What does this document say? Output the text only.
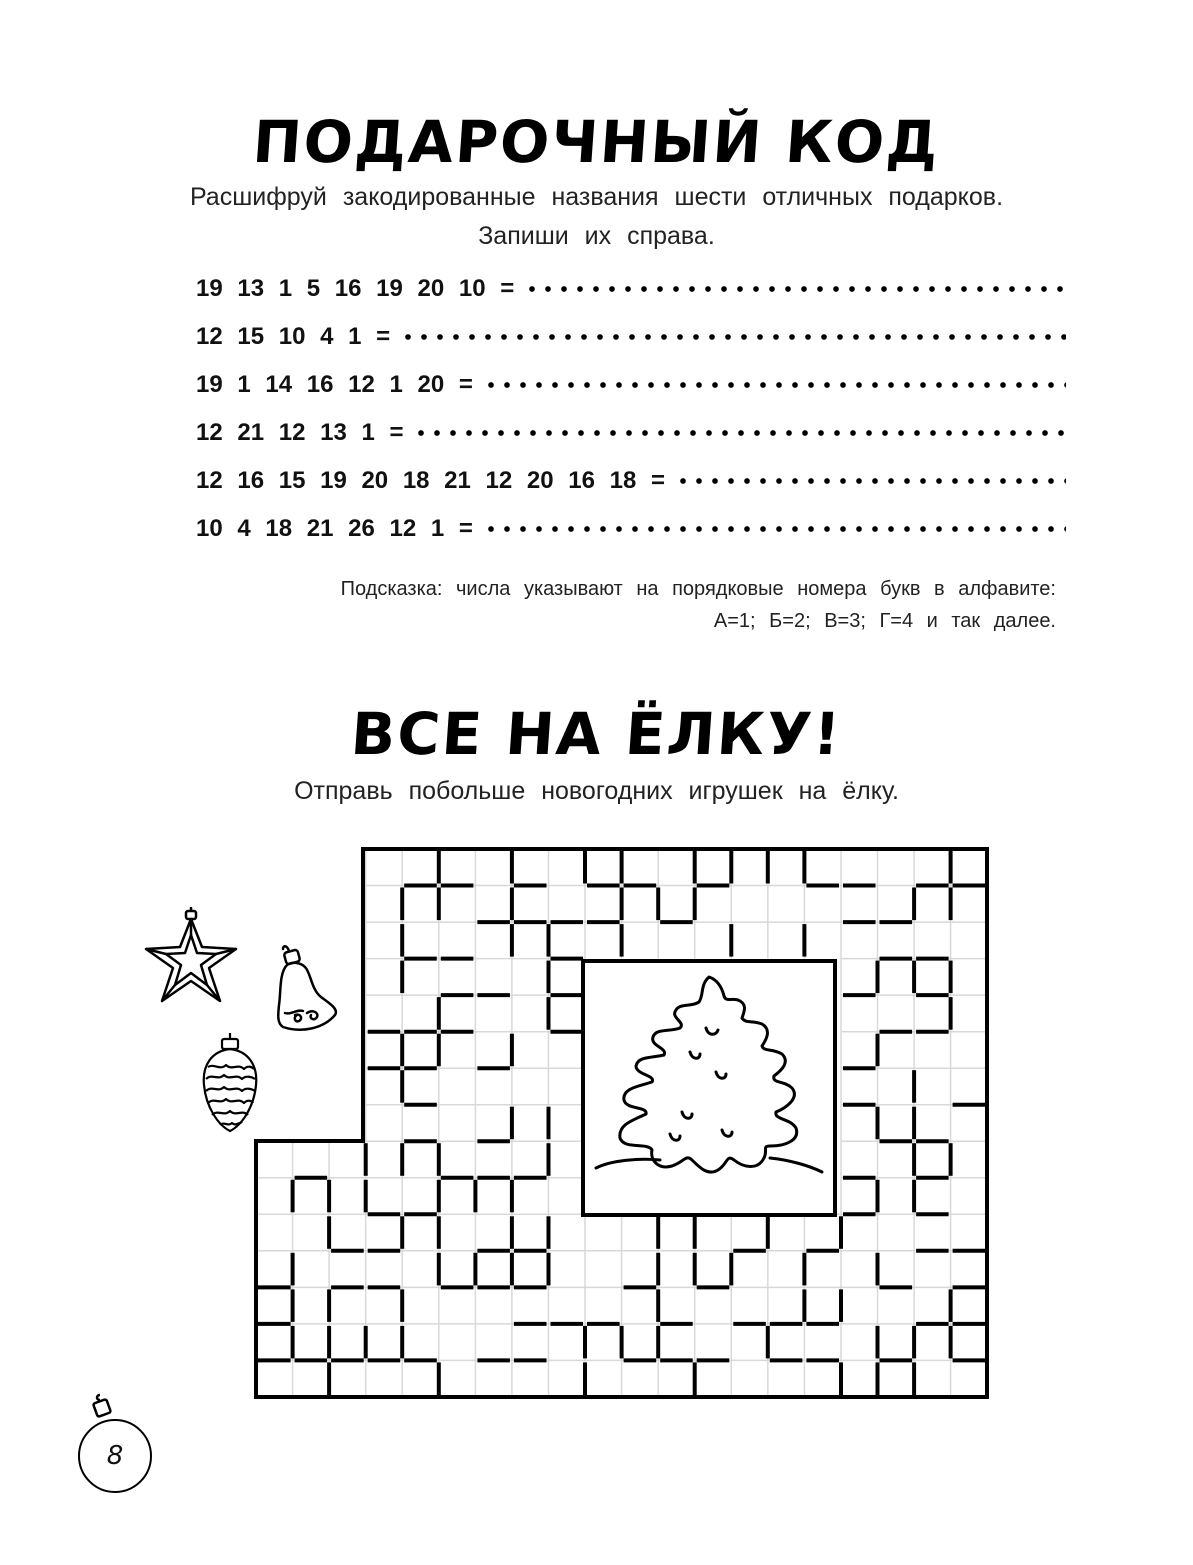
ПОДАРОЧНЫЙ КОД
Расшифруй закодированные названия шести отличных подарков.
Запиши их справа.
19 13 1 5 16 19 20 10 =
12 15 10 4 1 =
19 1 14 16 12 1 20 =
12 21 12 13 1 =
12 16 15 19 20 18 21 12 20 16 18 =
10 4 18 21 26 12 1 =
Подсказка: числа указывают на порядковые номера букв в алфавите:
А=1; Б=2; В=3; Г=4 и так далее.
ВСЕ НА ЁЛКУ!
Отправь побольше новогодних игрушек на ёлку.
8
